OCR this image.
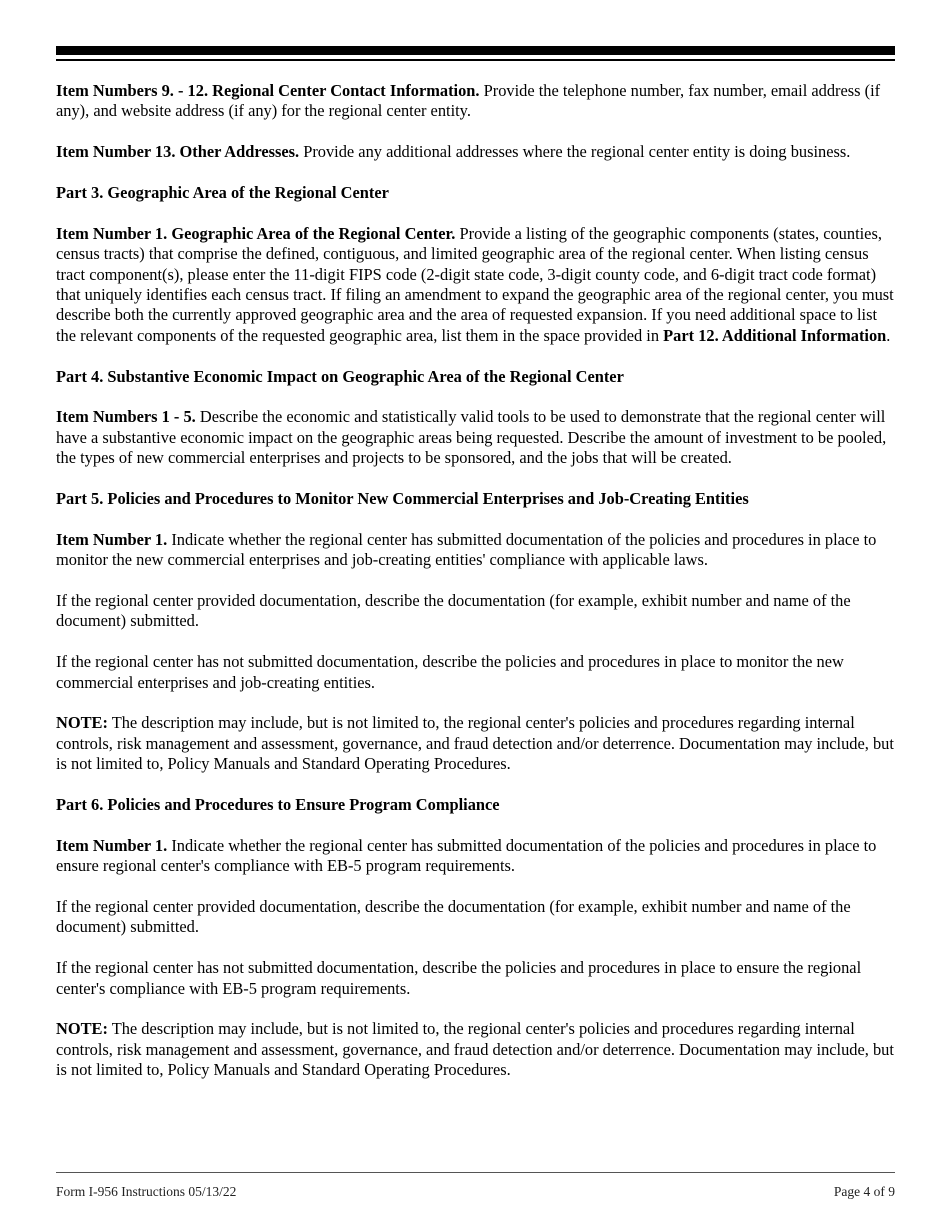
Item Numbers 9. - 12. Regional Center Contact Information. Provide the telephone number, fax number, email address (if any), and website address (if any) for the regional center entity.

Item Number 13. Other Addresses. Provide any additional addresses where the regional center entity is doing business.

Part 3. Geographic Area of the Regional Center

Item Number 1. Geographic Area of the Regional Center. Provide a listing of the geographic components (states, counties, census tracts) that comprise the defined, contiguous, and limited geographic area of the regional center. When listing census tract component(s), please enter the 11-digit FIPS code (2-digit state code, 3-digit county code, and 6-digit tract code format) that uniquely identifies each census tract. If filing an amendment to expand the geographic area of the regional center, you must describe both the currently approved geographic area and the area of requested expansion. If you need additional space to list the relevant components of the requested geographic area, list them in the space provided in Part 12. Additional Information.

Part 4. Substantive Economic Impact on Geographic Area of the Regional Center

Item Numbers 1 - 5. Describe the economic and statistically valid tools to be used to demonstrate that the regional center will have a substantive economic impact on the geographic areas being requested. Describe the amount of investment to be pooled, the types of new commercial enterprises and projects to be sponsored, and the jobs that will be created.

Part 5. Policies and Procedures to Monitor New Commercial Enterprises and Job-Creating Entities

Item Number 1. Indicate whether the regional center has submitted documentation of the policies and procedures in place to monitor the new commercial enterprises and job-creating entities' compliance with applicable laws.

If the regional center provided documentation, describe the documentation (for example, exhibit number and name of the document) submitted.

If the regional center has not submitted documentation, describe the policies and procedures in place to monitor the new commercial enterprises and job-creating entities.

NOTE: The description may include, but is not limited to, the regional center's policies and procedures regarding internal controls, risk management and assessment, governance, and fraud detection and/or deterrence. Documentation may include, but is not limited to, Policy Manuals and Standard Operating Procedures.

Part 6. Policies and Procedures to Ensure Program Compliance

Item Number 1. Indicate whether the regional center has submitted documentation of the policies and procedures in place to ensure regional center's compliance with EB-5 program requirements.

If the regional center provided documentation, describe the documentation (for example, exhibit number and name of the document) submitted.

If the regional center has not submitted documentation, describe the policies and procedures in place to ensure the regional center's compliance with EB-5 program requirements.

NOTE: The description may include, but is not limited to, the regional center's policies and procedures regarding internal controls, risk management and assessment, governance, and fraud detection and/or deterrence. Documentation may include, but is not limited to, Policy Manuals and Standard Operating Procedures.

Form I-956 Instructions 05/13/22	Page 4 of 9
